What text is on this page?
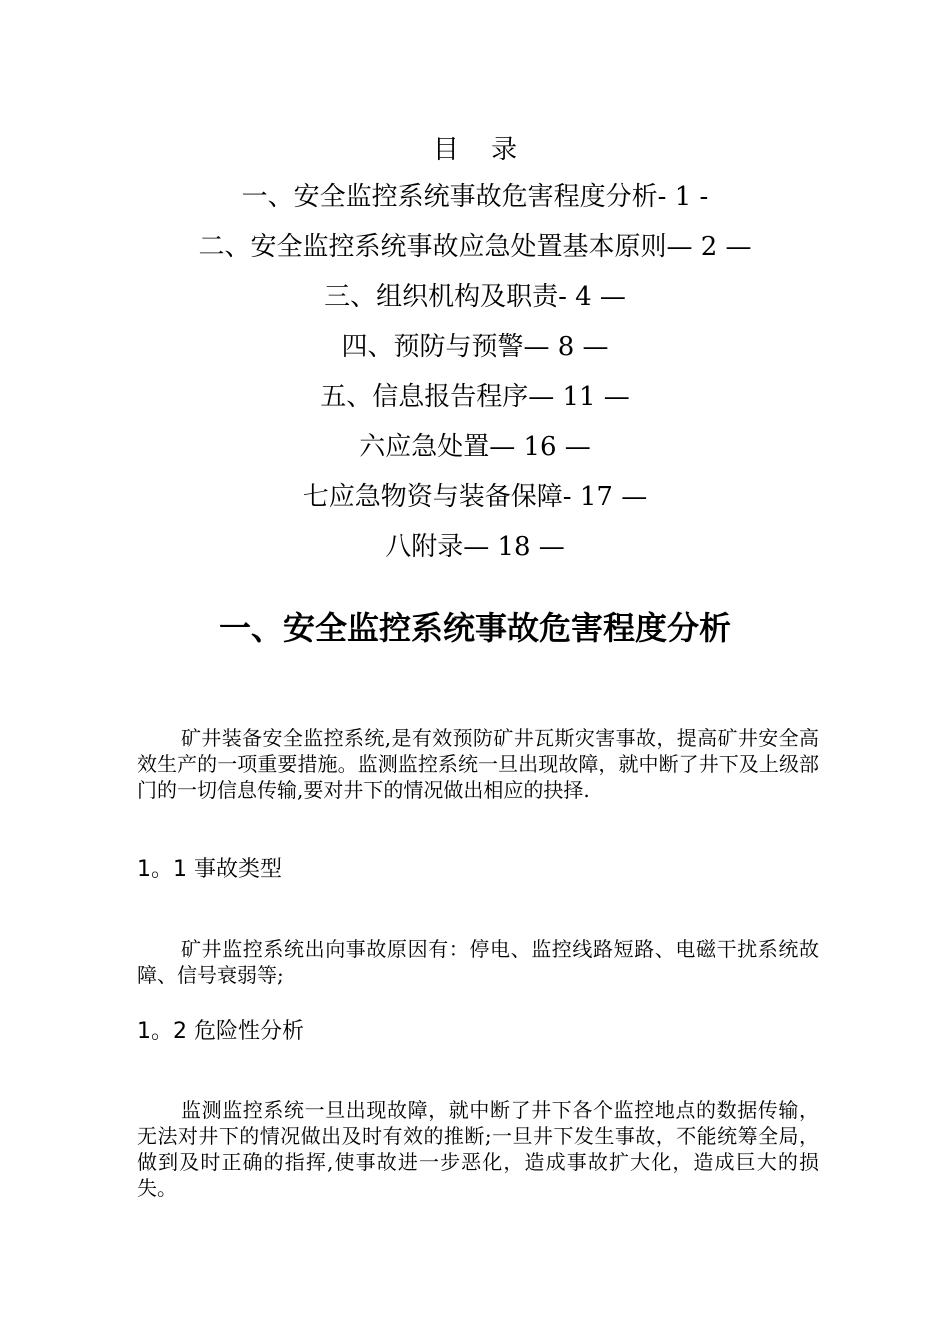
目 录
一、安全监控系统事故危害程度分析- 1 -
二、安全监控系统事故应急处置基本原则— 2 —
三、组织机构及职责- 4 —
四、预防与预警— 8 —
五、信息报告程序— 11 —
六应急处置— 16 —
七应急物资与装备保障- 17 —
八附录— 18 —
一、安全监控系统事故危害程度分析
矿井装备安全监控系统,是有效预防矿井瓦斯灾害事故，提高矿井安全高效生产的一项重要措施。监测监控系统一旦出现故障，就中断了井下及上级部门的一切信息传输,要对井下的情况做出相应的抉择.
1。1 事故类型
矿井监控系统出向事故原因有：停电、监控线路短路、电磁干扰系统故障、信号衰弱等;
1。2 危险性分析
监测监控系统一旦出现故障，就中断了井下各个监控地点的数据传输，无法对井下的情况做出及时有效的推断;一旦井下发生事故，不能统筹全局，做到及时正确的指挥,使事故进一步恶化，造成事故扩大化，造成巨大的损失。
